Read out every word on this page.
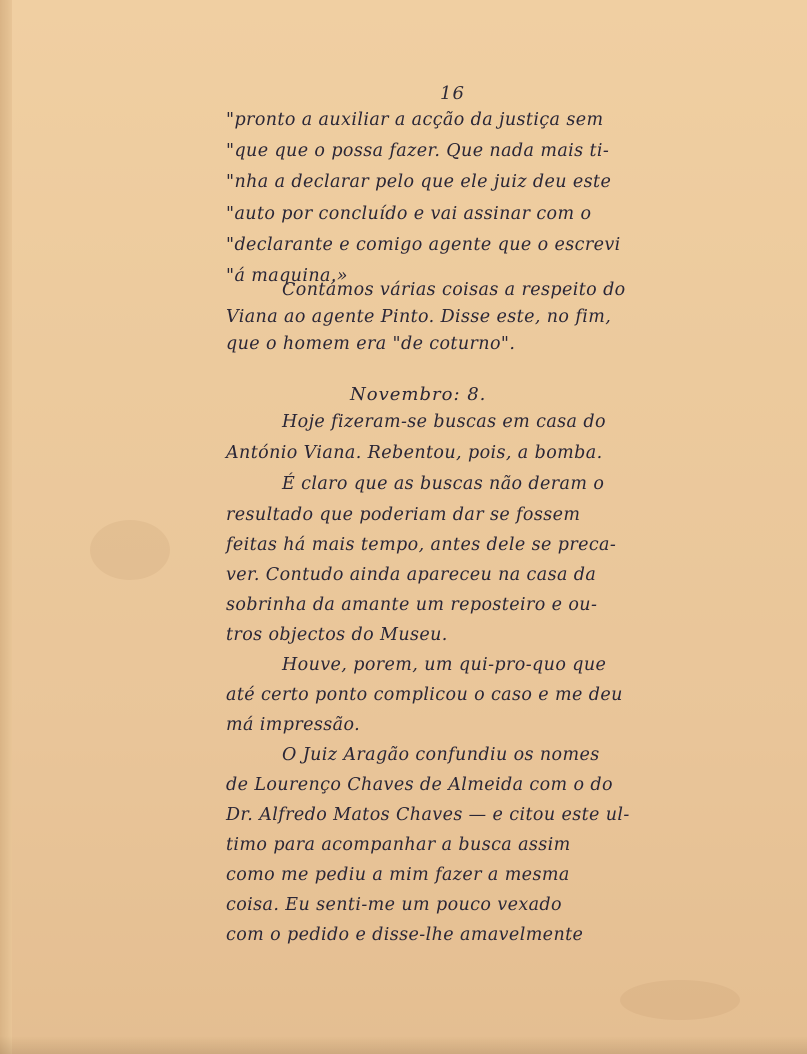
16
"pronto a auxiliar a acção da justiça sem
"que que o possa fazer. Que nada mais ti-
"nha a declarar pelo que ele juiz deu este
"auto por concluído e vai assinar com o
"declarante e comigo agente que o escrevi
"á maquina.»
Contámos várias coisas a respeito do
Viana ao agente Pinto. Disse este, no fim,
que o homem era "de coturno".
Novembro: 8.
Hoje fizeram-se buscas em casa do
António Viana. Rebentou, pois, a bomba.
É claro que as buscas não deram o
resultado que poderiam dar se fossem
feitas há mais tempo, antes dele se preca-
ver. Contudo ainda apareceu na casa da
sobrinha da amante um reposteiro e ou-
tros objectos do Museu.
Houve, porem, um qui-pro-quo que
até certo ponto complicou o caso e me deu
má impressão.
O Juiz Aragão confundiu os nomes
de Lourenço Chaves de Almeida com o do
Dr. Alfredo Matos Chaves — e citou este ul-
timo para acompanhar a busca assim
como me pediu a mim fazer a mesma
coisa. Eu senti-me um pouco vexado
com o pedido e disse-lhe amavelmente
